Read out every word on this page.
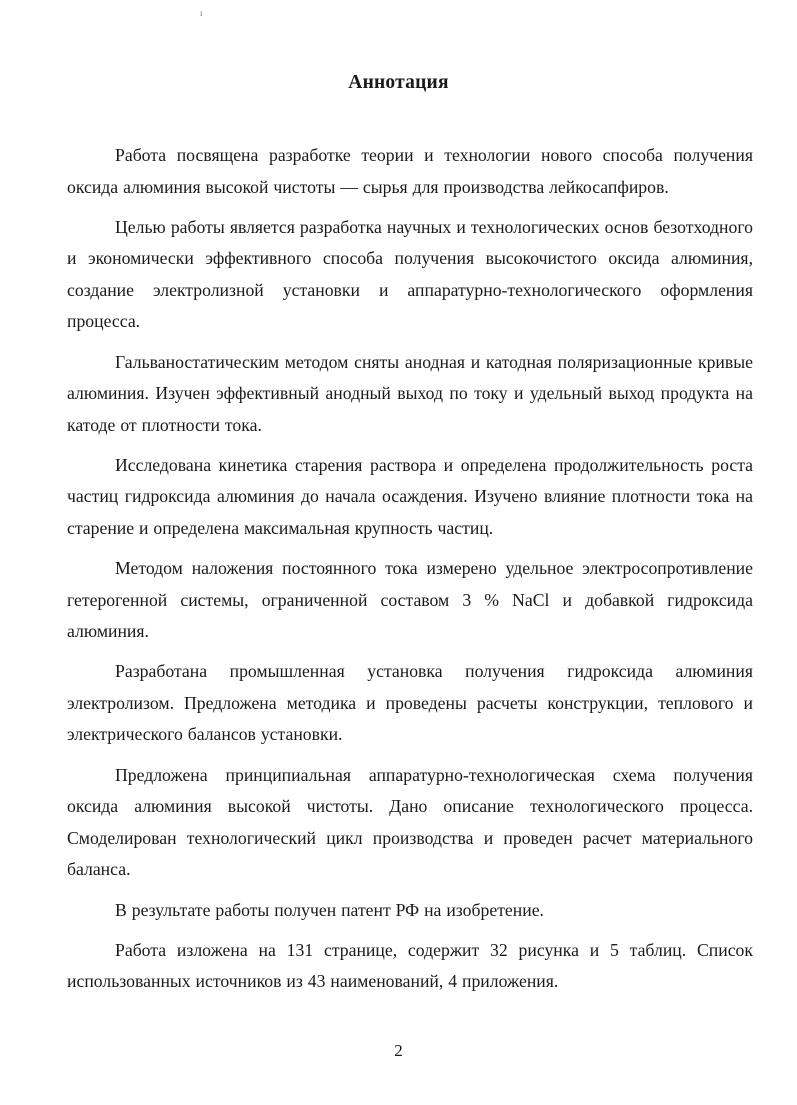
ı
Аннотация

Работа посвящена разработке теории и технологии нового способа получения оксида алюминия высокой чистоты — сырья для производства лейкосапфиров.

Целью работы является разработка научных и технологических основ безотходного и экономически эффективного способа получения высокочистого оксида алюминия, создание электролизной установки и аппаратурно-технологического оформления процесса.

Гальваностатическим методом сняты анодная и катодная поляризационные кривые алюминия. Изучен эффективный анодный выход по току и удельный выход продукта на катоде от плотности тока.

Исследована кинетика старения раствора и определена продолжительность роста частиц гидроксида алюминия до начала осаждения. Изучено влияние плотности тока на старение и определена максимальная крупность частиц.

Методом наложения постоянного тока измерено удельное электросопротивление гетерогенной системы, ограниченной составом 3 % NaCl и добавкой гидроксида алюминия.

Разработана промышленная установка получения гидроксида алюминия электролизом. Предложена методика и проведены расчеты конструкции, теплового и электрического балансов установки.

Предложена принципиальная аппаратурно-технологическая схема получения оксида алюминия высокой чистоты. Дано описание технологического процесса. Смоделирован технологический цикл производства и проведен расчет материального баланса.

В результате работы получен патент РФ на изобретение.

Работа изложена на 131 странице, содержит 32 рисунка и 5 таблиц. Список использованных источников из 43 наименований, 4 приложения.

2
